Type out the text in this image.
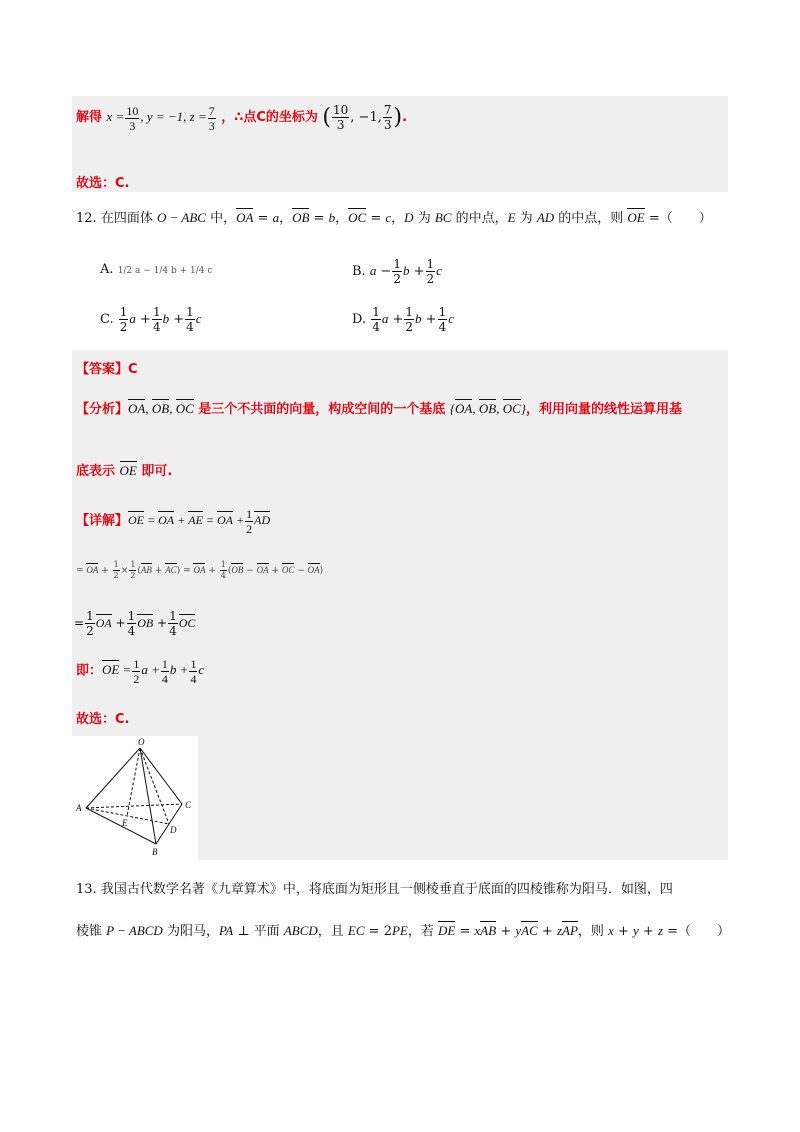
解得 $x = \frac{10}{3}$ , y = −1, $z = \frac{7}{3}$ ，∴点C的坐标为 ( $\frac{10}{3}$ , −1, $\frac{7}{3}$ ).
故选：C.
12. 在四面体 O − ABC 中，OA = a，OB = b，OC = c，D 为 BC 的中点，E 为 AD 的中点，则 OE =（　　）
A. 1/2 a − 1/4 b + 1/4 c	B. $a - \frac{1}{2}$ $b + \frac{1}{2}$ c
C. $\frac{1}{2}$ $a + \frac{1}{4}$ $b + \frac{1}{4}$ c	D. $\frac{1}{4}$ $a + \frac{1}{2}$ $b + \frac{1}{4}$ c
【答案】C
【分析】OA, OB, OC 是三个不共面的向量，构成空间的一个基底 {OA, OB, OC}，利用向量的线性运算用基
底表示 OE 即可.
【详解】OE = OA + AE = OA + $\frac{1}{2}$ AD
= OA + $\frac{1}{2} \times \frac{1}{2} (AB + AC)$ = OA + $\frac{1}{4} (OB$ − OA + OC − OA)
= $\frac{1}{2}$ OA + $\frac{1}{4}$ OB + $\frac{1}{4}$ OC
即：OE = $\frac{1}{2}$ $a + \frac{1}{4}$ $b + \frac{1}{4}$ c
故选：C.
O
A	C
D
E
B
13. 我国古代数学名著《九章算术》中，将底面为矩形且一侧棱垂直于底面的四棱锥称为阳马．如图，四
棱锥 P − ABCD 为阳马，PA ⊥ 平面 ABCD，且 EC = 2PE，若 DE = xAB + yAC + zAP，则 x + y + z =（　　）
